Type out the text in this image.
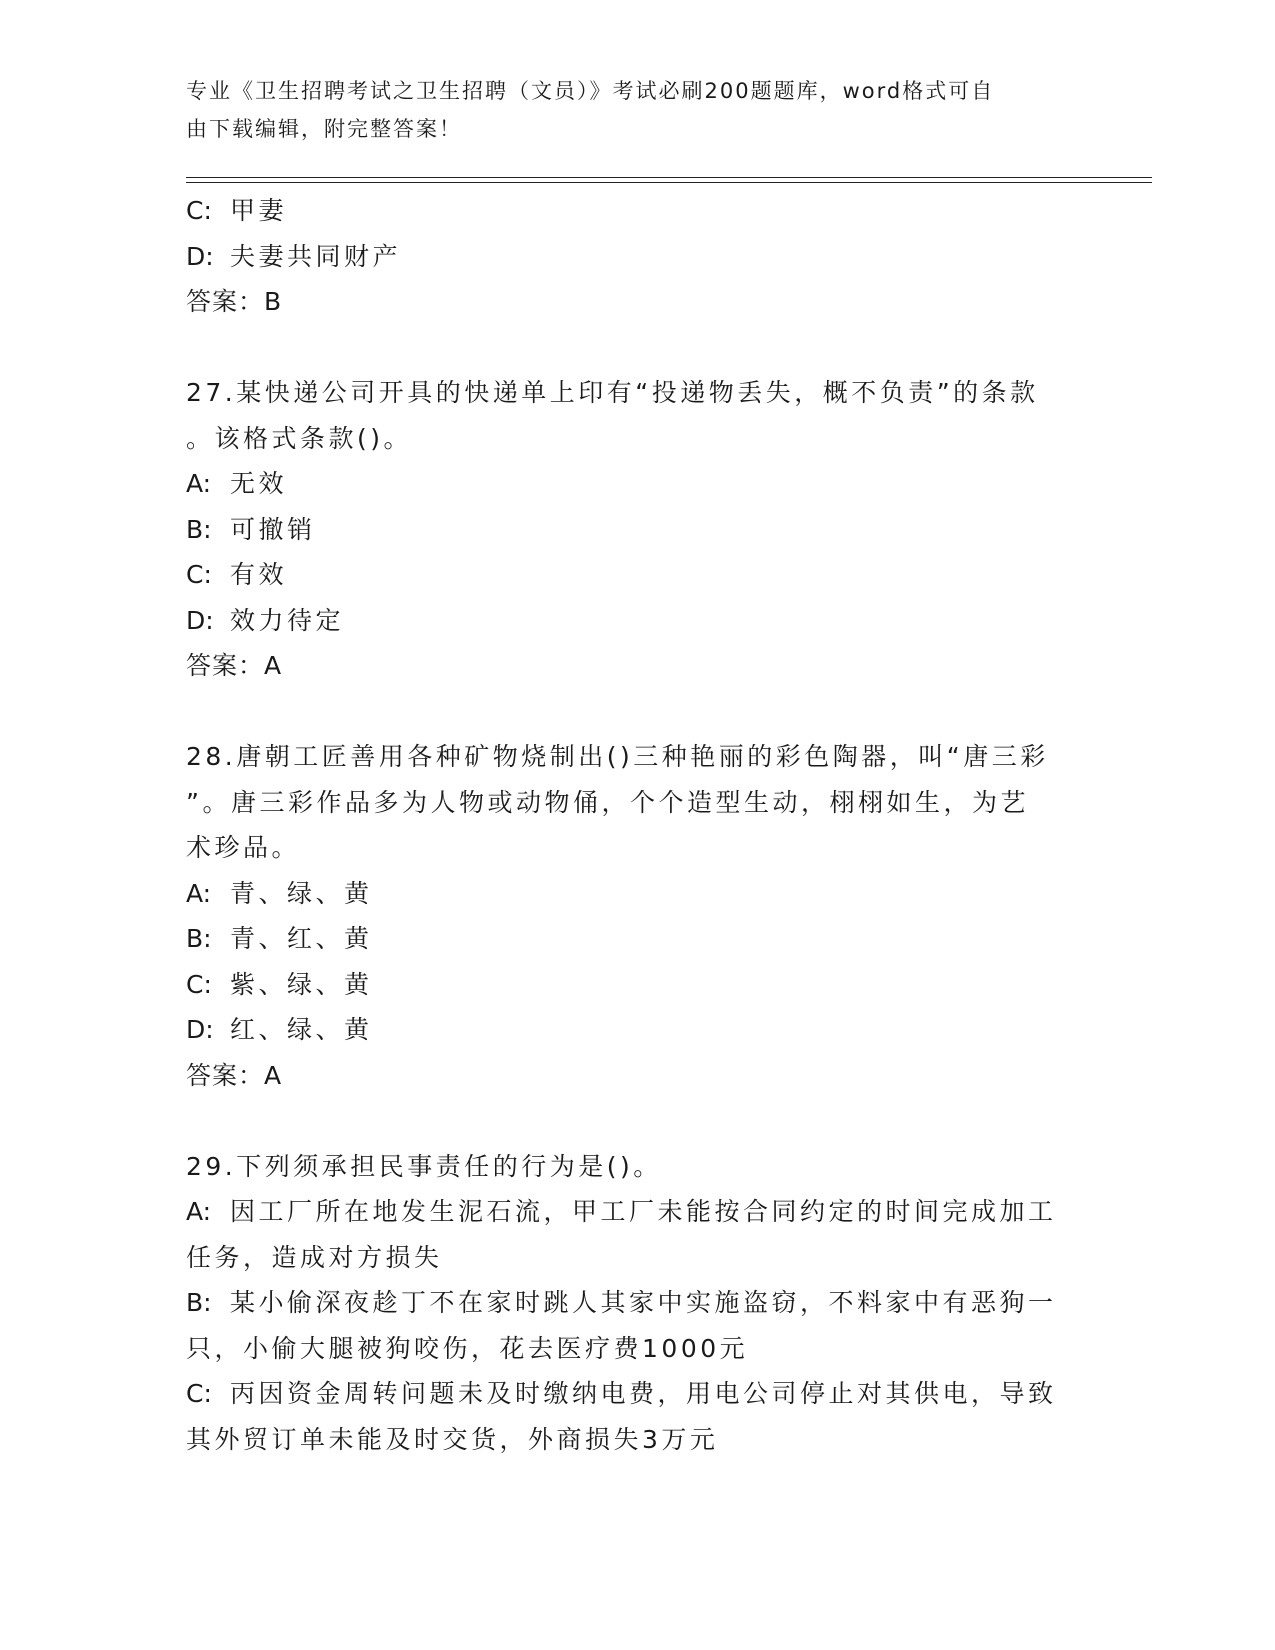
专业《卫生招聘考试之卫生招聘（文员）》考试必刷200题题库，word格式可自
由下载编辑，附完整答案！
C: 甲妻
D: 夫妻共同财产
答案：B
27.某快递公司开具的快递单上印有“投递物丢失，概不负责”的条款
。该格式条款()。
A: 无效
B: 可撤销
C: 有效
D: 效力待定
答案：A
28.唐朝工匠善用各种矿物烧制出()三种艳丽的彩色陶器，叫“唐三彩
”。唐三彩作品多为人物或动物俑，个个造型生动，栩栩如生，为艺
术珍品。
A: 青、绿、黄
B: 青、红、黄
C: 紫、绿、黄
D: 红、绿、黄
答案：A
29.下列须承担民事责任的行为是()。
A: 因工厂所在地发生泥石流，甲工厂未能按合同约定的时间完成加工
任务，造成对方损失
B: 某小偷深夜趁丁不在家时跳人其家中实施盗窃，不料家中有恶狗一
只，小偷大腿被狗咬伤，花去医疗费1000元
C: 丙因资金周转问题未及时缴纳电费，用电公司停止对其供电，导致
其外贸订单未能及时交货，外商损失3万元
